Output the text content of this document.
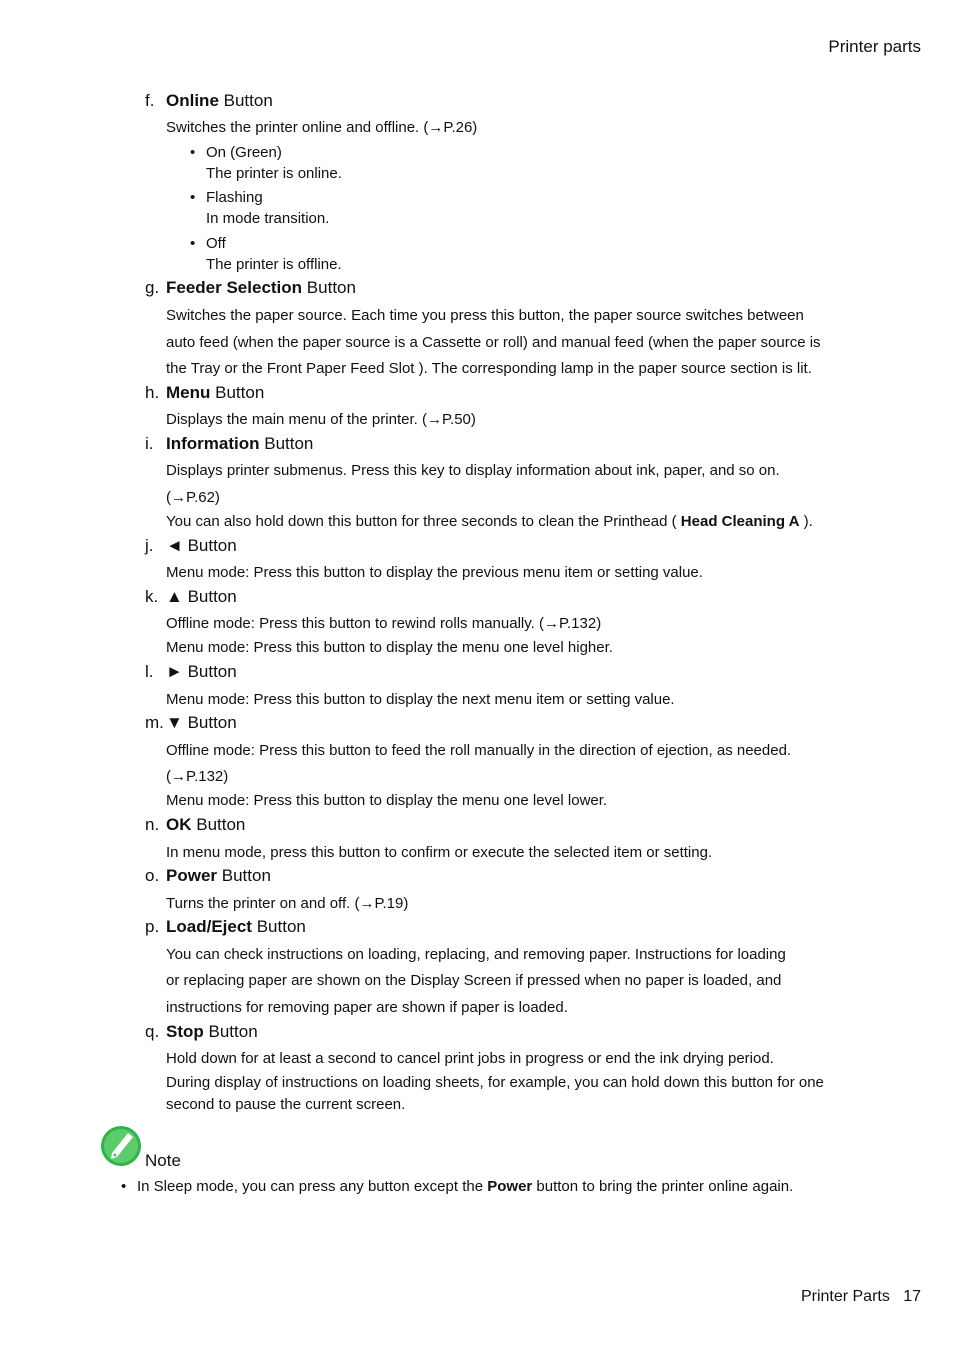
Printer parts
f. Online Button
Switches the printer online and offline. (→P.26)
• On (Green)
The printer is online.
• Flashing
In mode transition.
• Off
The printer is offline.
g. Feeder Selection Button
Switches the paper source. Each time you press this button, the paper source switches between
auto feed (when the paper source is a Cassette or roll) and manual feed (when the paper source is
the Tray or the Front Paper Feed Slot ). The corresponding lamp in the paper source section is lit.
h. Menu Button
Displays the main menu of the printer. (→P.50)
i. Information Button
Displays printer submenus. Press this key to display information about ink, paper, and so on.
(→P.62)
You can also hold down this button for three seconds to clean the Printhead ( Head Cleaning A ).
j. ◄ Button
Menu mode: Press this button to display the previous menu item or setting value.
k. ▲ Button
Offline mode: Press this button to rewind rolls manually. (→P.132)
Menu mode: Press this button to display the menu one level higher.
l. ► Button
Menu mode: Press this button to display the next menu item or setting value.
m. ▼ Button
Offline mode: Press this button to feed the roll manually in the direction of ejection, as needed.
(→P.132)
Menu mode: Press this button to display the menu one level lower.
n. OK Button
In menu mode, press this button to confirm or execute the selected item or setting.
o. Power Button
Turns the printer on and off. (→P.19)
p. Load/Eject Button
You can check instructions on loading, replacing, and removing paper. Instructions for loading
or replacing paper are shown on the Display Screen if pressed when no paper is loaded, and
instructions for removing paper are shown if paper is loaded.
q. Stop Button
Hold down for at least a second to cancel print jobs in progress or end the ink drying period.
During display of instructions on loading sheets, for example, you can hold down this button for one
second to pause the current screen.
Note
• In Sleep mode, you can press any button except the Power button to bring the printer online again.
Printer Parts 17
